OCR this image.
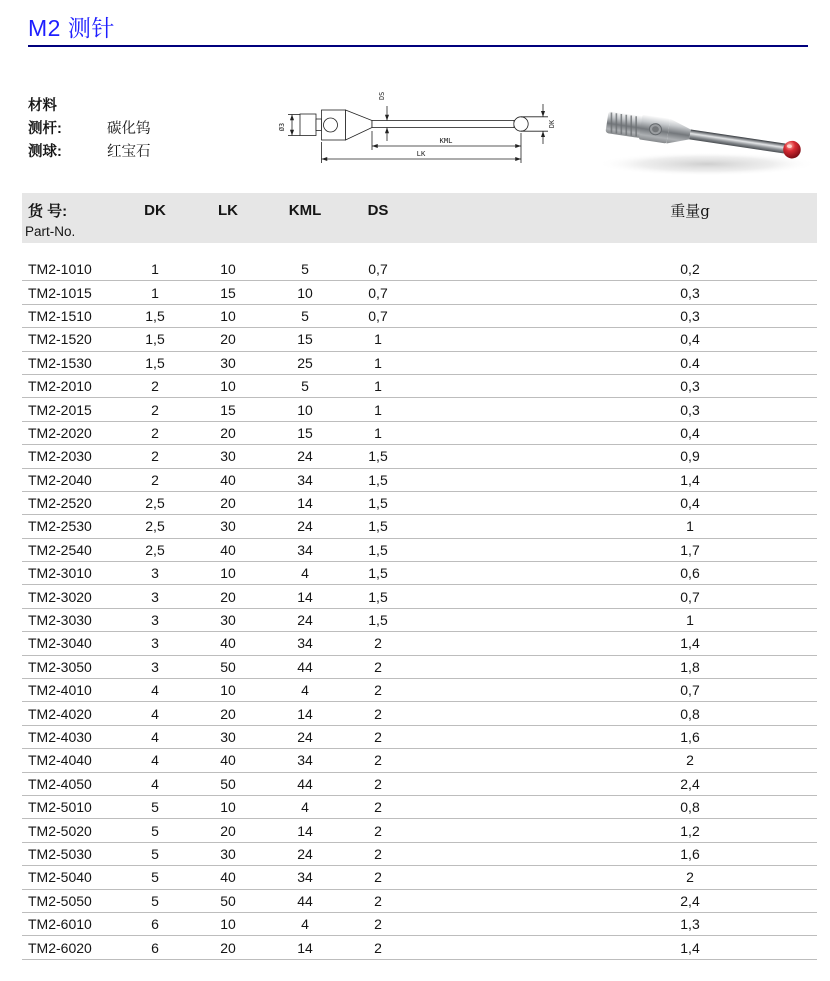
M2 测针
材料
测杆:	碳化钨
测球:	红宝石
Ø3
DS
DK
KML
LK
货 号:	DK	LK	KML	DS	重量g
Part-No.
TM2-1010	1	10	5	0,7	0,2
TM2-1015	1	15	10	0,7	0,3
TM2-1510	1,5	10	5	0,7	0,3
TM2-1520	1,5	20	15	1	0,4
TM2-1530	1,5	30	25	1	0.4
TM2-2010	2	10	5	1	0,3
TM2-2015	2	15	10	1	0,3
TM2-2020	2	20	15	1	0,4
TM2-2030	2	30	24	1,5	0,9
TM2-2040	2	40	34	1,5	1,4
TM2-2520	2,5	20	14	1,5	0,4
TM2-2530	2,5	30	24	1,5	1
TM2-2540	2,5	40	34	1,5	1,7
TM2-3010	3	10	4	1,5	0,6
TM2-3020	3	20	14	1,5	0,7
TM2-3030	3	30	24	1,5	1
TM2-3040	3	40	34	2	1,4
TM2-3050	3	50	44	2	1,8
TM2-4010	4	10	4	2	0,7
TM2-4020	4	20	14	2	0,8
TM2-4030	4	30	24	2	1,6
TM2-4040	4	40	34	2	2
TM2-4050	4	50	44	2	2,4
TM2-5010	5	10	4	2	0,8
TM2-5020	5	20	14	2	1,2
TM2-5030	5	30	24	2	1,6
TM2-5040	5	40	34	2	2
TM2-5050	5	50	44	2	2,4
TM2-6010	6	10	4	2	1,3
TM2-6020	6	20	14	2	1,4
